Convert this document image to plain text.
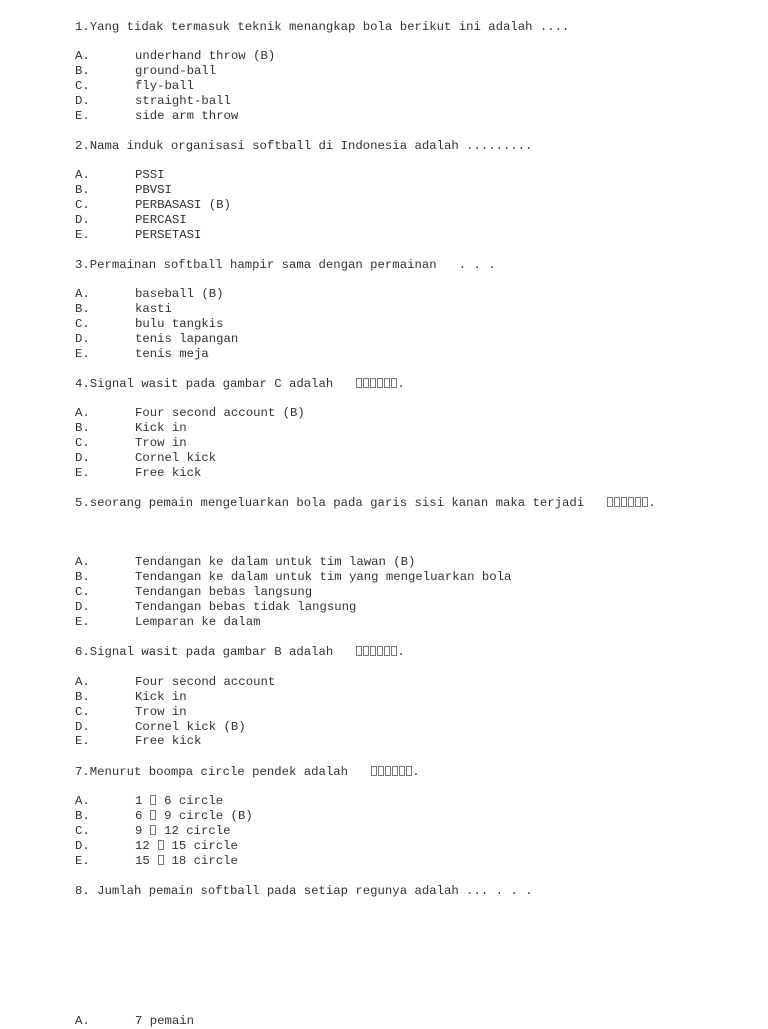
1.Yang tidak termasuk teknik menangkap bola berikut ini adalah ....
A.	underhand throw (B)
B.	ground-ball
C.	fly-ball
D.	straight-ball
E.	side arm throw
2.Nama induk organisasi softball di Indonesia adalah .........
A.	PSSI
B.	PBVSI
C.	PERBASASI (B)
D.	PERCASI
E.	PERSETASI
3.Permainan softball hampir sama dengan permainan   . . .
A.	baseball (B)
B.	kasti
C.	bulu tangkis
D.	tenis lapangan
E.	tenis meja
4.Signal wasit pada gambar C adalah	.
A.	Four second account (B)
B.	Kick in
C.	Trow in
D.	Cornel kick
E.	Free kick
5.seorang pemain mengeluarkan bola pada garis sisi kanan maka terjadi	.
A.	Tendangan ke dalam untuk tim lawan (B)
B.	Tendangan ke dalam untuk tim yang mengeluarkan bola
C.	Tendangan bebas langsung
D.	Tendangan bebas tidak langsung
E.	Lemparan ke dalam
6.Signal wasit pada gambar B adalah	.
A.	Four second account
B.	Kick in
C.	Trow in
D.	Cornel kick (B)
E.	Free kick
7.Menurut boompa circle pendek adalah	.
A.	1  6 circle
B.	6  9 circle (B)
C.	9  12 circle
D.	12  15 circle
E.	15  18 circle
8. Jumlah pemain softball pada setiap regunya adalah ... . . .
A.	7 pemain
